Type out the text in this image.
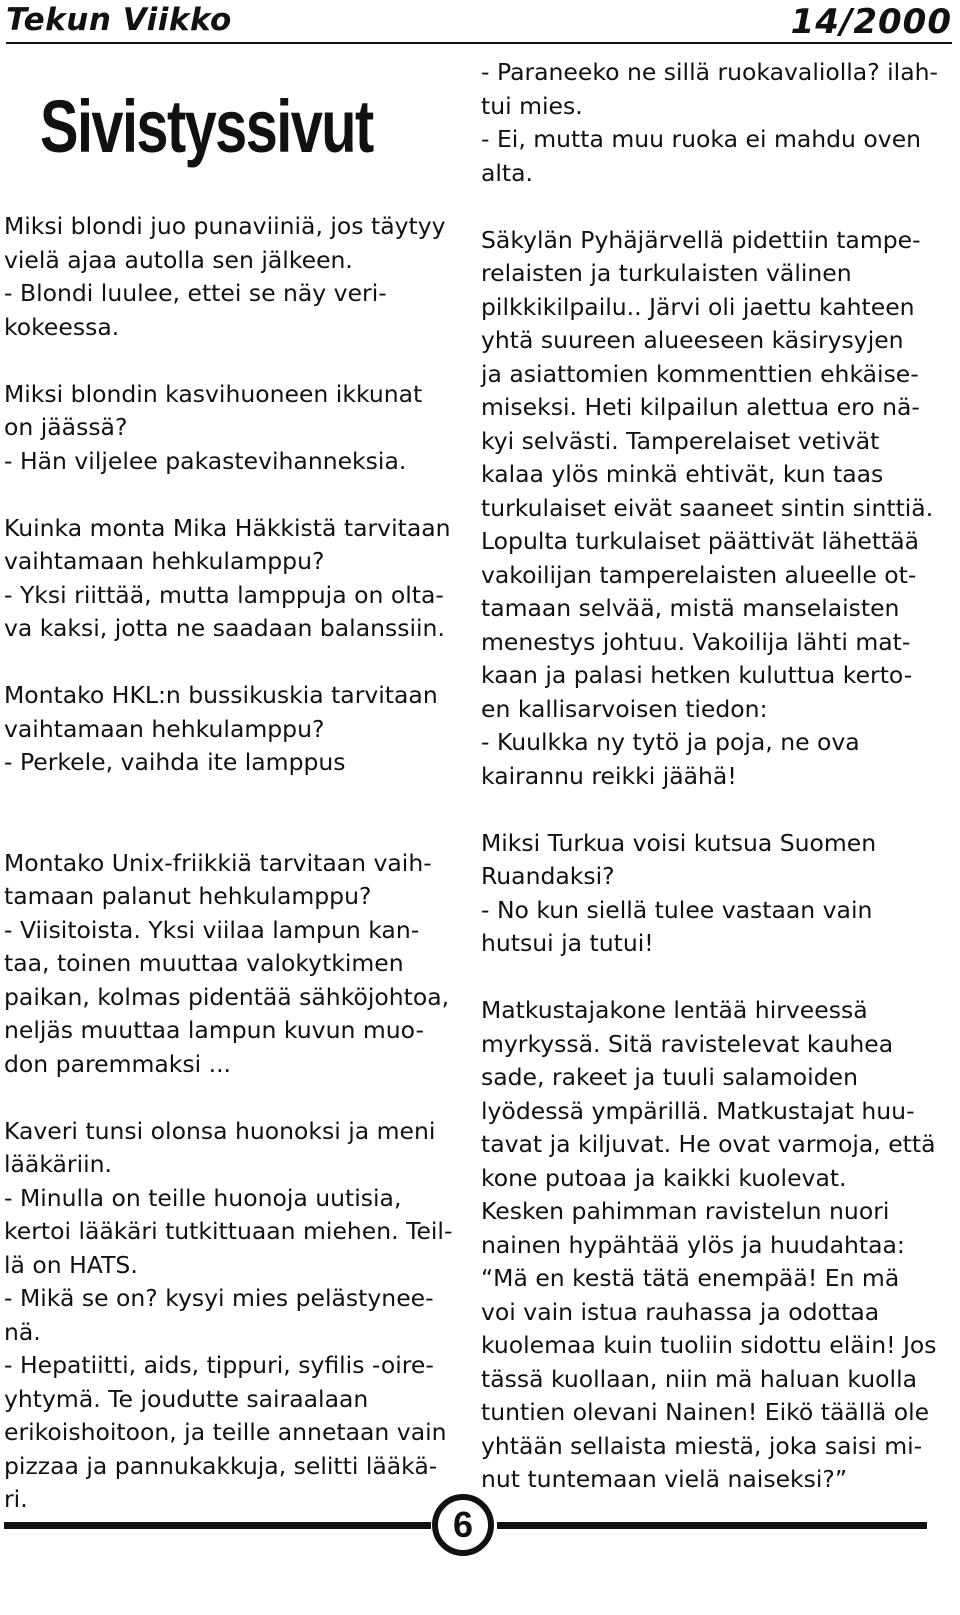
Tekun Viikko	14/2000
Sivistyssivut
Miksi blondi juo punaviiniä, jos täytyy
vielä ajaa autolla sen jälkeen.
- Blondi luulee, ettei se näy veri-
kokeessa.
Miksi blondin kasvihuoneen ikkunat
on jäässä?
- Hän viljelee pakastevihanneksia.
Kuinka monta Mika Häkkistä tarvitaan
vaihtamaan hehkulamppu?
- Yksi riittää, mutta lamppuja on olta-
va kaksi, jotta ne saadaan balanssiin.
Montako HKL:n bussikuskia tarvitaan
vaihtamaan hehkulamppu?
- Perkele, vaihda ite lamppus
Montako Unix-friikkiä tarvitaan vaih-
tamaan palanut hehkulamppu?
- Viisitoista. Yksi viilaa lampun kan-
taa, toinen muuttaa valokytkimen
paikan, kolmas pidentää sähköjohtoa,
neljäs muuttaa lampun kuvun muo-
don paremmaksi ...
Kaveri tunsi olonsa huonoksi ja meni
lääkäriin.
- Minulla on teille huonoja uutisia,
kertoi lääkäri tutkittuaan miehen. Teil-
lä on HATS.
- Mikä se on? kysyi mies pelästynee-
nä.
- Hepatiitti, aids, tippuri, syfilis -oire-
yhtymä. Te joudutte sairaalaan
erikoishoitoon, ja teille annetaan vain
pizzaa ja pannukakkuja, selitti lääkä-
ri.
- Paraneeko ne sillä ruokavaliolla? ilah-
tui mies.
- Ei, mutta muu ruoka ei mahdu oven
alta.
Säkylän Pyhäjärvellä pidettiin tampe-
relaisten ja turkulaisten välinen
pilkkikilpailu.. Järvi oli jaettu kahteen
yhtä suureen alueeseen käsirysyjen
ja asiattomien kommenttien ehkäise-
miseksi. Heti kilpailun alettua ero nä-
kyi selvästi. Tamperelaiset vetivät
kalaa ylös minkä ehtivät, kun taas
turkulaiset eivät saaneet sintin sinttiä.
Lopulta turkulaiset päättivät lähettää
vakoilijan tamperelaisten alueelle ot-
tamaan selvää, mistä manselaisten
menestys johtuu. Vakoilija lähti mat-
kaan ja palasi hetken kuluttua kerto-
en kallisarvoisen tiedon:
- Kuulkka ny tytö ja poja, ne ova
kairannu reikki jäähä!
Miksi Turkua voisi kutsua Suomen
Ruandaksi?
- No kun siellä tulee vastaan vain
hutsui ja tutui!
Matkustajakone lentää hirveessä
myrkyssä. Sitä ravistelevat kauhea
sade, rakeet ja tuuli salamoiden
lyödessä ympärillä. Matkustajat huu-
tavat ja kiljuvat. He ovat varmoja, että
kone putoaa ja kaikki kuolevat.
Kesken pahimman ravistelun nuori
nainen hypähtää ylös ja huudahtaa:
“Mä en kestä tätä enempää! En mä
voi vain istua rauhassa ja odottaa
kuolemaa kuin tuoliin sidottu eläin! Jos
tässä kuollaan, niin mä haluan kuolla
tuntien olevani Nainen! Eikö täällä ole
yhtään sellaista miestä, joka saisi mi-
nut tuntemaan vielä naiseksi?”
6
